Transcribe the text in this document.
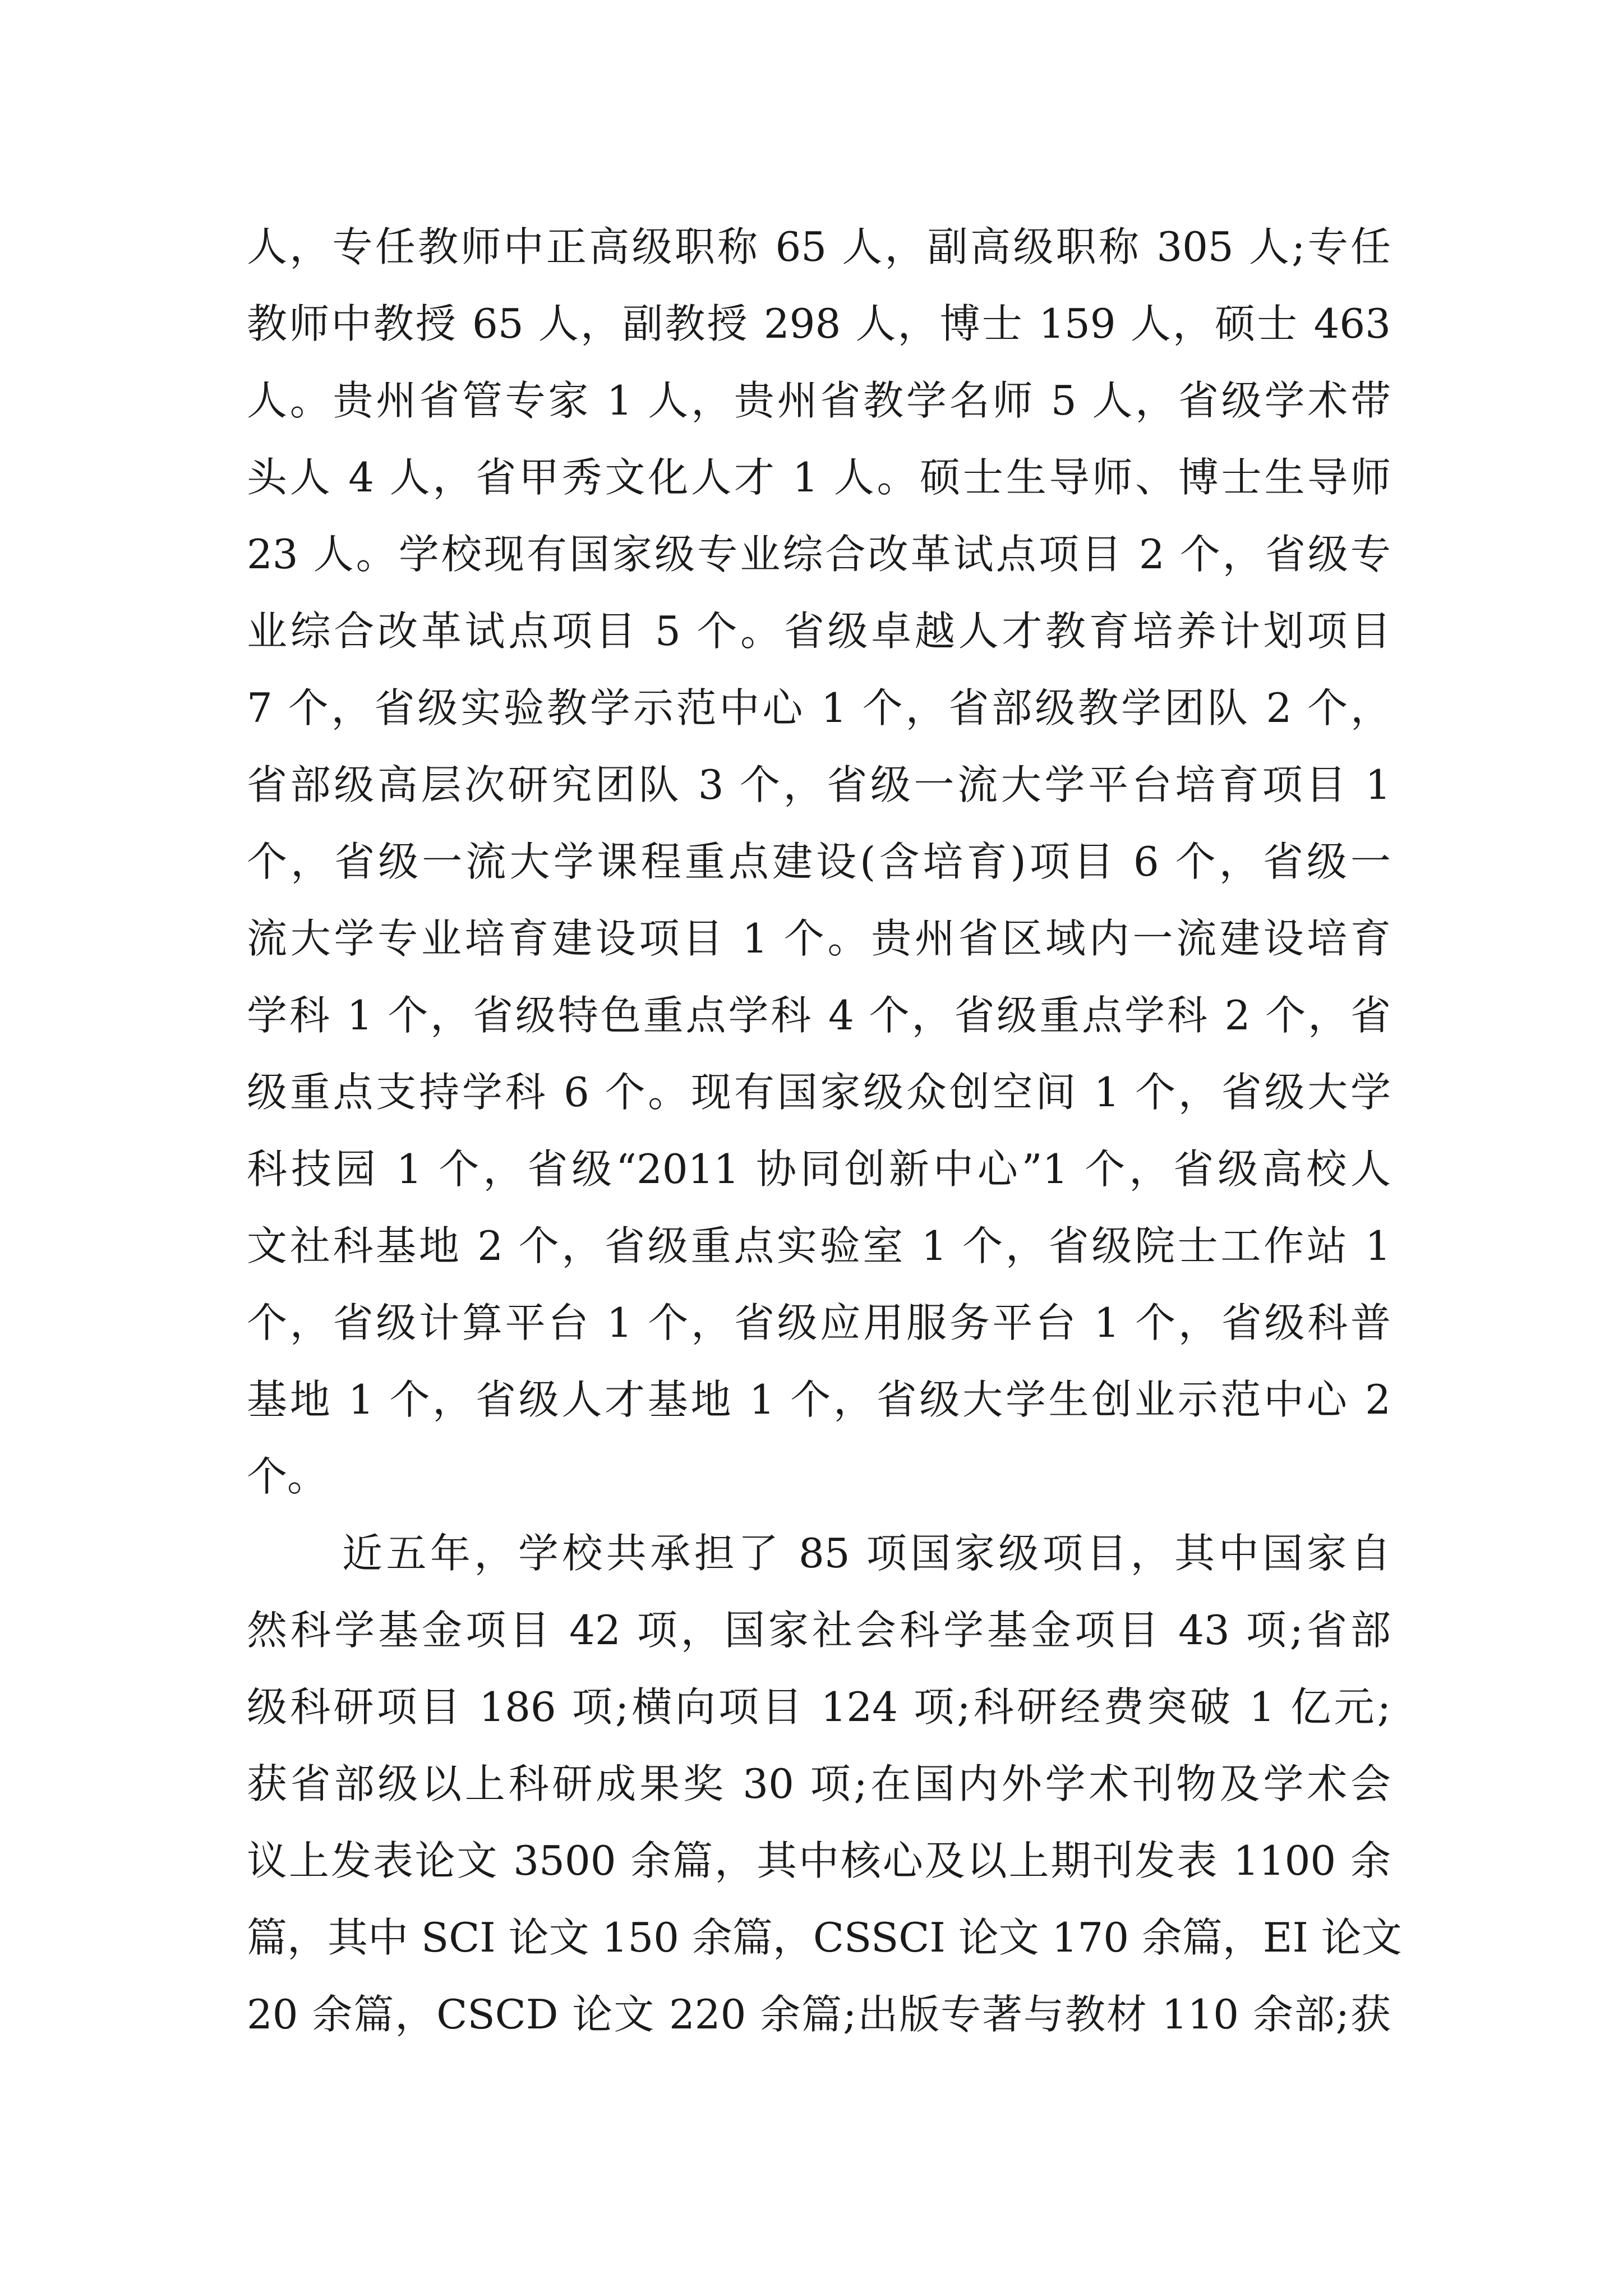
人，专任教师中正高级职称 65 人，副高级职称 305 人;专任
教师中教授 65 人，副教授 298 人，博士 159 人，硕士 463
人。贵州省管专家 1 人，贵州省教学名师 5 人，省级学术带
头人 4 人，省甲秀文化人才 1 人。硕士生导师、博士生导师
23 人。学校现有国家级专业综合改革试点项目 2 个，省级专
业综合改革试点项目 5 个。省级卓越人才教育培养计划项目
7 个，省级实验教学示范中心 1 个，省部级教学团队 2 个，
省部级高层次研究团队 3 个，省级一流大学平台培育项目 1
个，省级一流大学课程重点建设(含培育)项目 6 个，省级一
流大学专业培育建设项目 1 个。贵州省区域内一流建设培育
学科 1 个，省级特色重点学科 4 个，省级重点学科 2 个，省
级重点支持学科 6 个。现有国家级众创空间 1 个，省级大学
科技园 1 个，省级“2011 协同创新中心”1 个，省级高校人
文社科基地 2 个，省级重点实验室 1 个，省级院士工作站 1
个，省级计算平台 1 个，省级应用服务平台 1 个，省级科普
基地 1 个，省级人才基地 1 个，省级大学生创业示范中心 2
个。
近五年，学校共承担了 85 项国家级项目，其中国家自
然科学基金项目 42 项，国家社会科学基金项目 43 项;省部
级科研项目 186 项;横向项目 124 项;科研经费突破 1 亿元;
获省部级以上科研成果奖 30 项;在国内外学术刊物及学术会
议上发表论文 3500 余篇，其中核心及以上期刊发表 1100 余
篇，其中 SCI 论文 150 余篇，CSSCI 论文 170 余篇，EI 论文
20 余篇，CSCD 论文 220 余篇;出版专著与教材 110 余部;获
